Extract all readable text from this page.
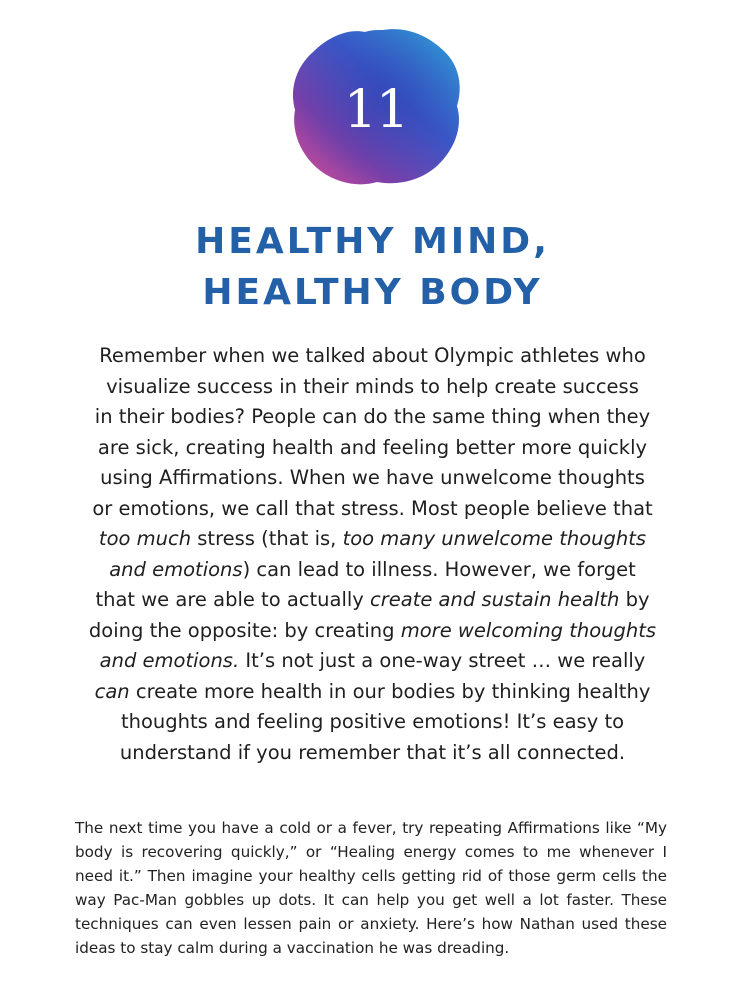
11
HEALTHY MIND,
HEALTHY BODY
Remember when we talked about Olympic athletes who
visualize success in their minds to help create success
in their bodies? People can do the same thing when they
are sick, creating health and feeling better more quickly
using Affirmations. When we have unwelcome thoughts
or emotions, we call that stress. Most people believe that
too much stress (that is, too many unwelcome thoughts
and emotions) can lead to illness. However, we forget
that we are able to actually create and sustain health by
doing the opposite: by creating more welcoming thoughts
and emotions. It’s not just a one-way street … we really
can create more health in our bodies by thinking healthy
thoughts and feeling positive emotions! It’s easy to
understand if you remember that it’s all connected.
The next time you have a cold or a fever, try repeating Affirmations like “My
body is recovering quickly,” or “Healing energy comes to me whenever I
need it.” Then imagine your healthy cells getting rid of those germ cells the
way Pac-Man gobbles up dots. It can help you get well a lot faster. These
techniques can even lessen pain or anxiety. Here’s how Nathan used these
ideas to stay calm during a vaccination he was dreading.
